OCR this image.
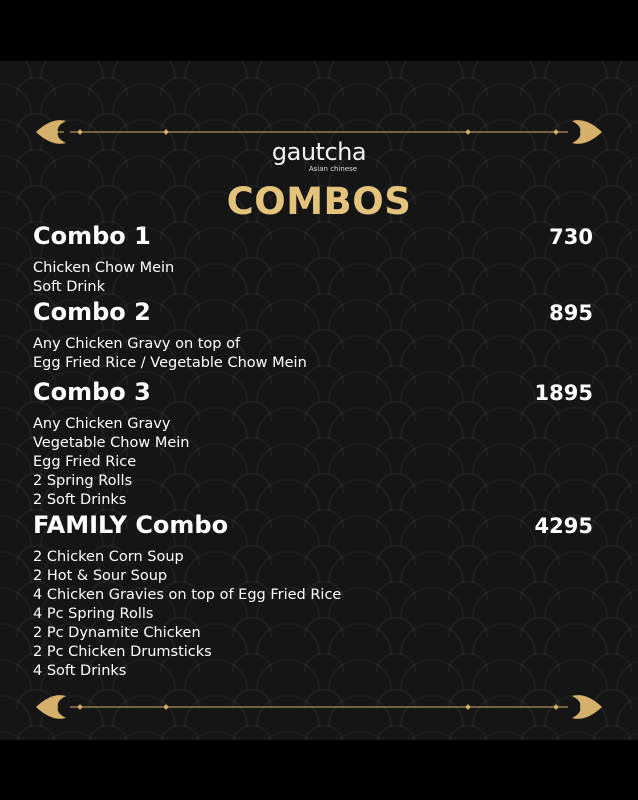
gautcha
Asian chinese
COMBOS
Combo 1	730
Chicken Chow Mein
Soft Drink
Combo 2	895
Any Chicken Gravy on top of
Egg Fried Rice / Vegetable Chow Mein
Combo 3	1895
Any Chicken Gravy
Vegetable Chow Mein
Egg Fried Rice
2 Spring Rolls
2 Soft Drinks
FAMILY Combo	4295
2 Chicken Corn Soup
2 Hot & Sour Soup
4 Chicken Gravies on top of Egg Fried Rice
4 Pc Spring Rolls
2 Pc Dynamite Chicken
2 Pc Chicken Drumsticks
4 Soft Drinks
